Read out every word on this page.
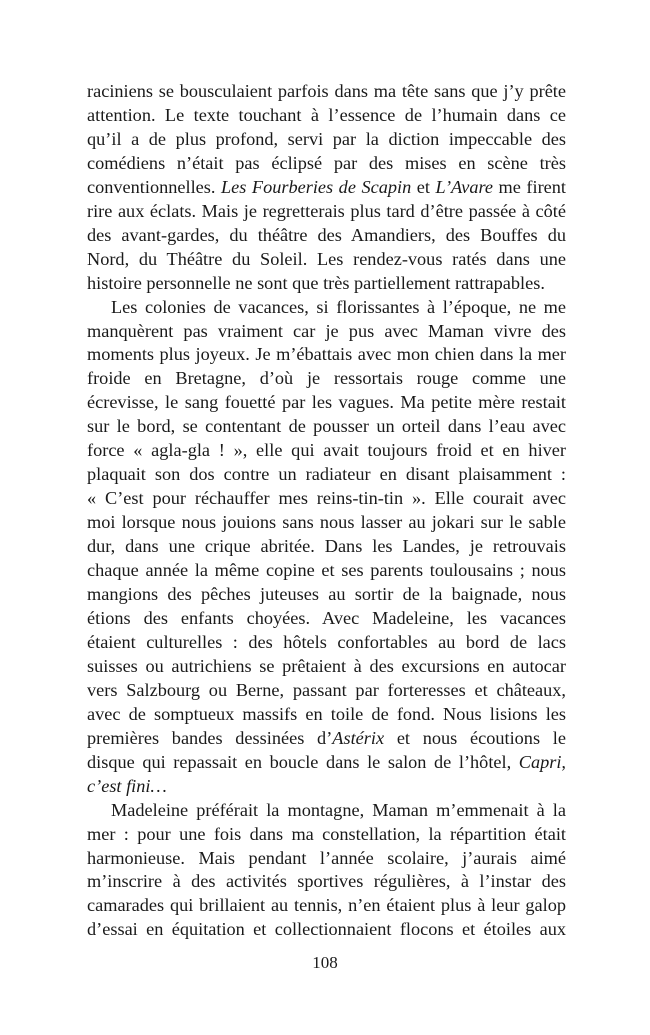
raciniens se bousculaient parfois dans ma tête sans que j’y prête
attention. Le texte touchant à l’essence de l’humain dans ce
qu’il a de plus profond, servi par la diction impeccable des
comédiens n’était pas éclipsé par des mises en scène très
conventionnelles. Les Fourberies de Scapin et L’Avare me firent
rire aux éclats. Mais je regretterais plus tard d’être passée à côté
des avant-gardes, du théâtre des Amandiers, des Bouffes du
Nord, du Théâtre du Soleil. Les rendez-vous ratés dans une
histoire personnelle ne sont que très partiellement rattrapables.
Les colonies de vacances, si florissantes à l’époque, ne me
manquèrent pas vraiment car je pus avec Maman vivre des
moments plus joyeux. Je m’ébattais avec mon chien dans la mer
froide en Bretagne, d’où je ressortais rouge comme une
écrevisse, le sang fouetté par les vagues. Ma petite mère restait
sur le bord, se contentant de pousser un orteil dans l’eau avec
force « agla-gla ! », elle qui avait toujours froid et en hiver
plaquait son dos contre un radiateur en disant plaisamment :
« C’est pour réchauffer mes reins-tin-tin ». Elle courait avec
moi lorsque nous jouions sans nous lasser au jokari sur le sable
dur, dans une crique abritée. Dans les Landes, je retrouvais
chaque année la même copine et ses parents toulousains ; nous
mangions des pêches juteuses au sortir de la baignade, nous
étions des enfants choyées. Avec Madeleine, les vacances
étaient culturelles : des hôtels confortables au bord de lacs
suisses ou autrichiens se prêtaient à des excursions en autocar
vers Salzbourg ou Berne, passant par forteresses et châteaux,
avec de somptueux massifs en toile de fond. Nous lisions les
premières bandes dessinées d’Astérix et nous écoutions le
disque qui repassait en boucle dans le salon de l’hôtel, Capri,
c’est fini…
Madeleine préférait la montagne, Maman m’emmenait à la
mer : pour une fois dans ma constellation, la répartition était
harmonieuse. Mais pendant l’année scolaire, j’aurais aimé
m’inscrire à des activités sportives régulières, à l’instar des
camarades qui brillaient au tennis, n’en étaient plus à leur galop
d’essai en équitation et collectionnaient flocons et étoiles aux
108
